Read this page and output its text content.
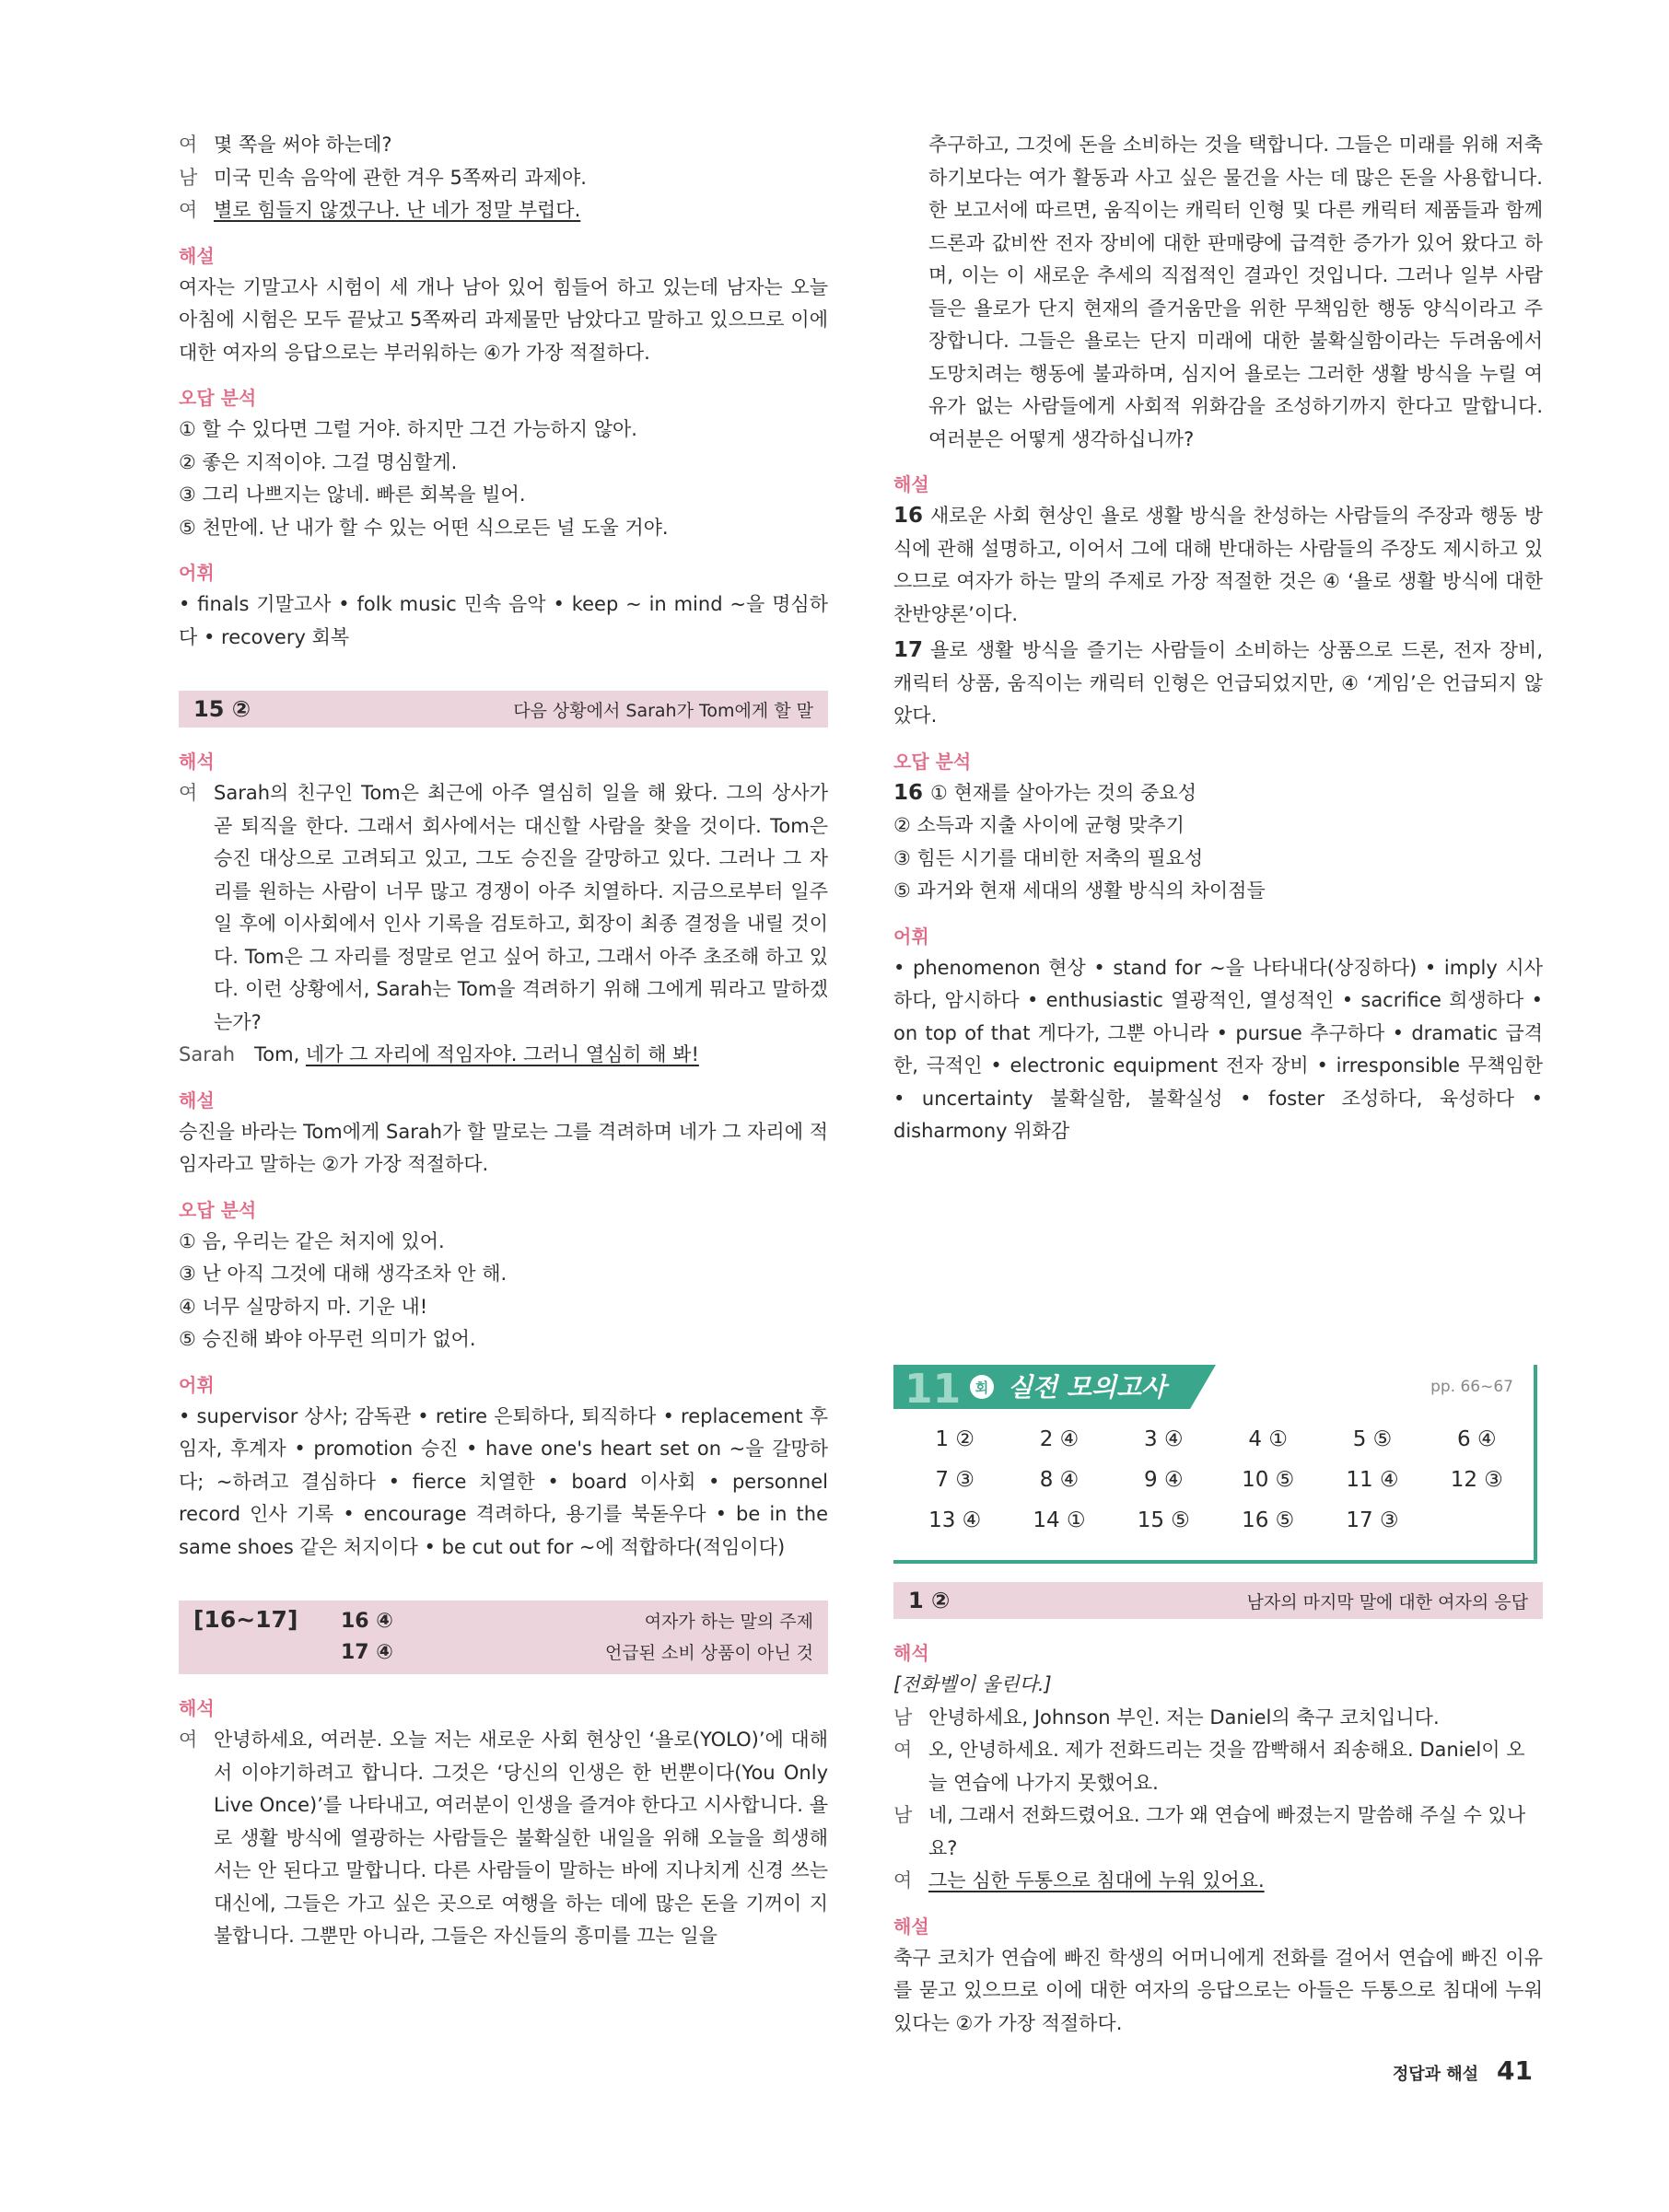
여 몇 쪽을 써야 하는데?
남 미국 민속 음악에 관한 겨우 5쪽짜리 과제야.
여 별로 힘들지 않겠구나. 난 네가 정말 부럽다.
해설
여자는 기말고사 시험이 세 개나 남아 있어 힘들어 하고 있는데 남자는 오늘 아침에 시험은 모두 끝났고 5쪽짜리 과제물만 남았다고 말하고 있으므로 이에 대한 여자의 응답으로는 부러워하는 ④가 가장 적절하다.
오답 분석
① 할 수 있다면 그럴 거야. 하지만 그건 가능하지 않아.
② 좋은 지적이야. 그걸 명심할게.
③ 그리 나쁘지는 않네. 빠른 회복을 빌어.
⑤ 천만에. 난 내가 할 수 있는 어떤 식으로든 널 도울 거야.
어휘
• finals 기말고사 • folk music 민속 음악 • keep ~ in mind ~을 명심하다 • recovery 회복
15 ②	다음 상황에서 Sarah가 Tom에게 할 말
해석
여 Sarah의 친구인 Tom은 최근에 아주 열심히 일을 해 왔다. 그의 상사가 곧 퇴직을 한다. 그래서 회사에서는 대신할 사람을 찾을 것이다. Tom은 승진 대상으로 고려되고 있고, 그도 승진을 갈망하고 있다. 그러나 그 자리를 원하는 사람이 너무 많고 경쟁이 아주 치열하다. 지금으로부터 일주일 후에 이사회에서 인사 기록을 검토하고, 회장이 최종 결정을 내릴 것이다. Tom은 그 자리를 정말로 얻고 싶어 하고, 그래서 아주 초조해 하고 있다. 이런 상황에서, Sarah는 Tom을 격려하기 위해 그에게 뭐라고 말하겠는가?
Sarah Tom, 네가 그 자리에 적임자야. 그러니 열심히 해 봐!
해설
승진을 바라는 Tom에게 Sarah가 할 말로는 그를 격려하며 네가 그 자리에 적임자라고 말하는 ②가 가장 적절하다.
오답 분석
① 음, 우리는 같은 처지에 있어.
③ 난 아직 그것에 대해 생각조차 안 해.
④ 너무 실망하지 마. 기운 내!
⑤ 승진해 봐야 아무런 의미가 없어.
어휘
• supervisor 상사; 감독관 • retire 은퇴하다, 퇴직하다 • replacement 후임자, 후계자 • promotion 승진 • have one's heart set on ~을 갈망하다; ~하려고 결심하다 • fierce 치열한 • board 이사회 • personnel record 인사 기록 • encourage 격려하다, 용기를 북돋우다 • be in the same shoes 같은 처지이다 • be cut out for ~에 적합하다(적임이다)
[16~17]	16 ④	여자가 하는 말의 주제
17 ④	언급된 소비 상품이 아닌 것
해석
여 안녕하세요, 여러분. 오늘 저는 새로운 사회 현상인 ‘욜로(YOLO)’에 대해서 이야기하려고 합니다. 그것은 ‘당신의 인생은 한 번뿐이다(You Only Live Once)’를 나타내고, 여러분이 인생을 즐겨야 한다고 시사합니다. 욜로 생활 방식에 열광하는 사람들은 불확실한 내일을 위해 오늘을 희생해서는 안 된다고 말합니다. 다른 사람들이 말하는 바에 지나치게 신경 쓰는 대신에, 그들은 가고 싶은 곳으로 여행을 하는 데에 많은 돈을 기꺼이 지불합니다. 그뿐만 아니라, 그들은 자신들의 흥미를 끄는 일을
추구하고, 그것에 돈을 소비하는 것을 택합니다. 그들은 미래를 위해 저축하기보다는 여가 활동과 사고 싶은 물건을 사는 데 많은 돈을 사용합니다. 한 보고서에 따르면, 움직이는 캐릭터 인형 및 다른 캐릭터 제품들과 함께 드론과 값비싼 전자 장비에 대한 판매량에 급격한 증가가 있어 왔다고 하며, 이는 이 새로운 추세의 직접적인 결과인 것입니다. 그러나 일부 사람들은 욜로가 단지 현재의 즐거움만을 위한 무책임한 행동 양식이라고 주장합니다. 그들은 욜로는 단지 미래에 대한 불확실함이라는 두려움에서 도망치려는 행동에 불과하며, 심지어 욜로는 그러한 생활 방식을 누릴 여유가 없는 사람들에게 사회적 위화감을 조성하기까지 한다고 말합니다. 여러분은 어떻게 생각하십니까?
해설
16 새로운 사회 현상인 욜로 생활 방식을 찬성하는 사람들의 주장과 행동 방식에 관해 설명하고, 이어서 그에 대해 반대하는 사람들의 주장도 제시하고 있으므로 여자가 하는 말의 주제로 가장 적절한 것은 ④ ‘욜로 생활 방식에 대한 찬반양론’이다.
17 욜로 생활 방식을 즐기는 사람들이 소비하는 상품으로 드론, 전자 장비, 캐릭터 상품, 움직이는 캐릭터 인형은 언급되었지만, ④ ‘게임’은 언급되지 않았다.
오답 분석
16 ① 현재를 살아가는 것의 중요성
② 소득과 지출 사이에 균형 맞추기
③ 힘든 시기를 대비한 저축의 필요성
⑤ 과거와 현재 세대의 생활 방식의 차이점들
어휘
• phenomenon 현상 • stand for ~을 나타내다(상징하다) • imply 시사하다, 암시하다 • enthusiastic 열광적인, 열성적인 • sacrifice 희생하다 • on top of that 게다가, 그뿐 아니라 • pursue 추구하다 • dramatic 급격한, 극적인 • electronic equipment 전자 장비 • irresponsible 무책임한 • uncertainty 불확실함, 불확실성 • foster 조성하다, 육성하다 • disharmony 위화감
11 회 실전 모의고사	pp. 66~67
1 ②	2 ④	3 ④	4 ①	5 ⑤	6 ④
7 ③	8 ④	9 ④	10 ⑤	11 ④	12 ③
13 ④	14 ①	15 ⑤	16 ⑤	17 ③
1 ②	남자의 마지막 말에 대한 여자의 응답
해석
[전화벨이 울린다.]
남 안녕하세요, Johnson 부인. 저는 Daniel의 축구 코치입니다.
여 오, 안녕하세요. 제가 전화드리는 것을 깜빡해서 죄송해요. Daniel이 오늘 연습에 나가지 못했어요.
남 네, 그래서 전화드렸어요. 그가 왜 연습에 빠졌는지 말씀해 주실 수 있나요?
여 그는 심한 두통으로 침대에 누워 있어요.
해설
축구 코치가 연습에 빠진 학생의 어머니에게 전화를 걸어서 연습에 빠진 이유를 묻고 있으므로 이에 대한 여자의 응답으로는 아들은 두통으로 침대에 누워 있다는 ②가 가장 적절하다.
정답과 해설 41
